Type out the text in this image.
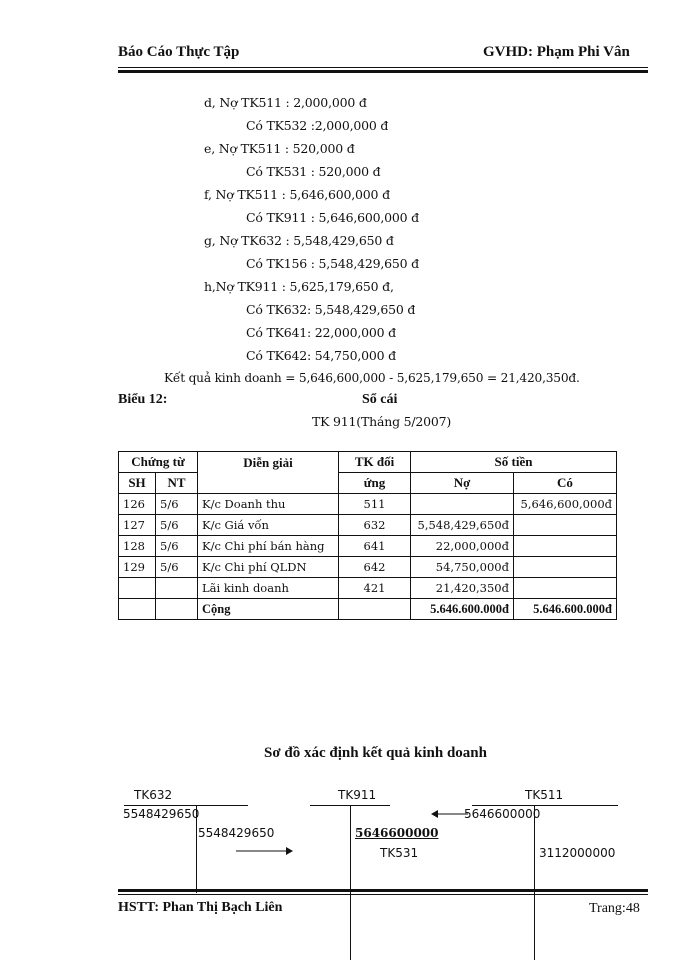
Báo Cáo Thực Tập	GVHD: Phạm Phi Vân
d, Nợ TK511 : 2,000,000 đ
Có TK532 :2,000,000 đ
e, Nợ TK511 : 520,000 đ
Có TK531 : 520,000 đ
f, Nợ TK511 : 5,646,600,000 đ
Có TK911 : 5,646,600,000 đ
g, Nợ TK632 : 5,548,429,650 đ
Có TK156 : 5,548,429,650 đ
h,Nợ TK911 : 5,625,179,650 đ,
Có TK632: 5,548,429,650 đ
Có TK641: 22,000,000 đ
Có TK642: 54,750,000 đ
Kết quả kinh doanh = 5,646,600,000 - 5,625,179,650 = 21,420,350đ.
Biểu 12:	Sổ cái
TK 911(Tháng 5/2007)
Chứng từ		Diễn giải	TK đối	Số tiền	
SH	NT		ứng	Nợ	Có
126	5/6	K/c Doanh thu	511		5,646,600,000đ
127	5/6	K/c Giá vốn	632	5,548,429,650đ	
128	5/6	K/c Chi phí bán hàng	641	22,000,000đ	
129	5/6	K/c Chi phí QLDN	642	54,750,000đ	
		Lãi kinh doanh	421	21,420,350đ	
		Cộng		5.646.600.000đ	5.646.600.000đ
Sơ đồ xác định kết quả kinh doanh
TK632	TK911	TK511
5548429650
5548429650
5646600000
5646600000
TK531	3112000000
HSTT: Phan Thị Bạch Liên	Trang:48
